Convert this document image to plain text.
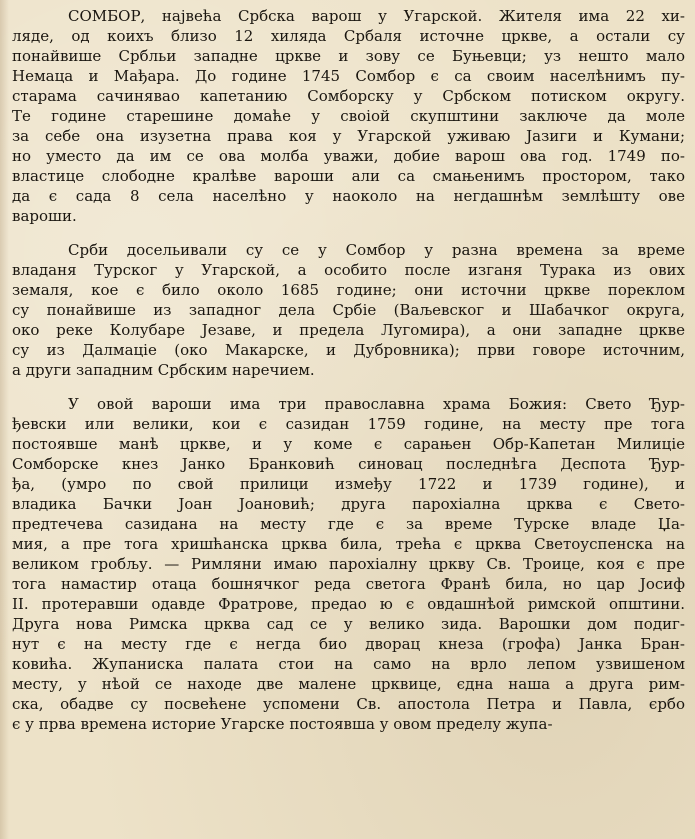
СОМБОР, највећа Србска варош у Угарской. Жителя има 22 хи-
ляде, од коихъ близо 12 хиляда Србаля источне цркве, а остали су
понайвише Србльи западне цркве и зову се Буњевци; уз нешто мало
Немаца и Мађара. До године 1745 Сомбор є са своим населѣнимъ пу-
старама сачинявао капетанию Сомборску у Србском потиском округу.
Те године старешине домаће у своіой скупштини заключе да моле
за себе она изузетна права коя у Угарской уживаю Јазиги и Кумани;
но уместо да им се ова молба уважи, добие варош ова год. 1749 по-
властице слободне кралѣве вароши али са смањенимъ простором, тако
да є сада 8 села населѣно у наоколо на негдашнѣм землѣшту ове
вароши.
Срби досельивали су се у Сомбор у разна времена за време
владаня Турског у Угарской, а особито после изганя Турака из ових
земаля, кое є било около 1685 године; они источни цркве пореклом
су понайвише из западног дела Србіе (Ваљевског и Шабачког округа,
око реке Колубаре Језаве, и предела Лугомира), а они западне цркве
су из Далмаціе (око Макарске, и Дубровника); први говоре источним,
а други западним Србским наречием.
У овой вароши има три православна храма Божия: Свето Ђур-
ђевски или велики, кои є сазидан 1759 године, на месту пре тога
постоявше манѣ цркве, и у коме є сарањен Обр-Капетан Милиціе
Сомборске кнез Јанко Бранковић синовац последнѣга Деспота Ђур-
ђа, (умро по свой прилици између 1722 и 1739 године), и
владика Бачки Јоан Јоановић; друга парохіална црква є Свето-
предтечева сазидана на месту где є за време Турске владе Џа-
мия, а пре тога хришћанска црква била, трећа є црква Светоуспенска на
великом гробљу. — Римляни имаю парохіалну цркву Св. Троице, коя є пре
тога намастир отаца бошнячког реда светога Франѣ била, но цар Јосиф
II. протеравши одавде Фратрове, предао ю є овдашнѣой римской општини.
Друга нова Римска црква сад се у велико зида. Варошки дом подиг-
нут є на месту где є негда био дворац кнеза (грофа) Јанка Бран-
ковића. Жупаниска палата стои на само на врло лепом узвишеном
месту, у нѣой се находе две малене црквице, єдна наша а друга рим-
ска, обадве су посвећене успомени Св. апостола Петра и Павла, єрбо
є у прва времена историе Угарске постоявша у овом пределу жупа-
